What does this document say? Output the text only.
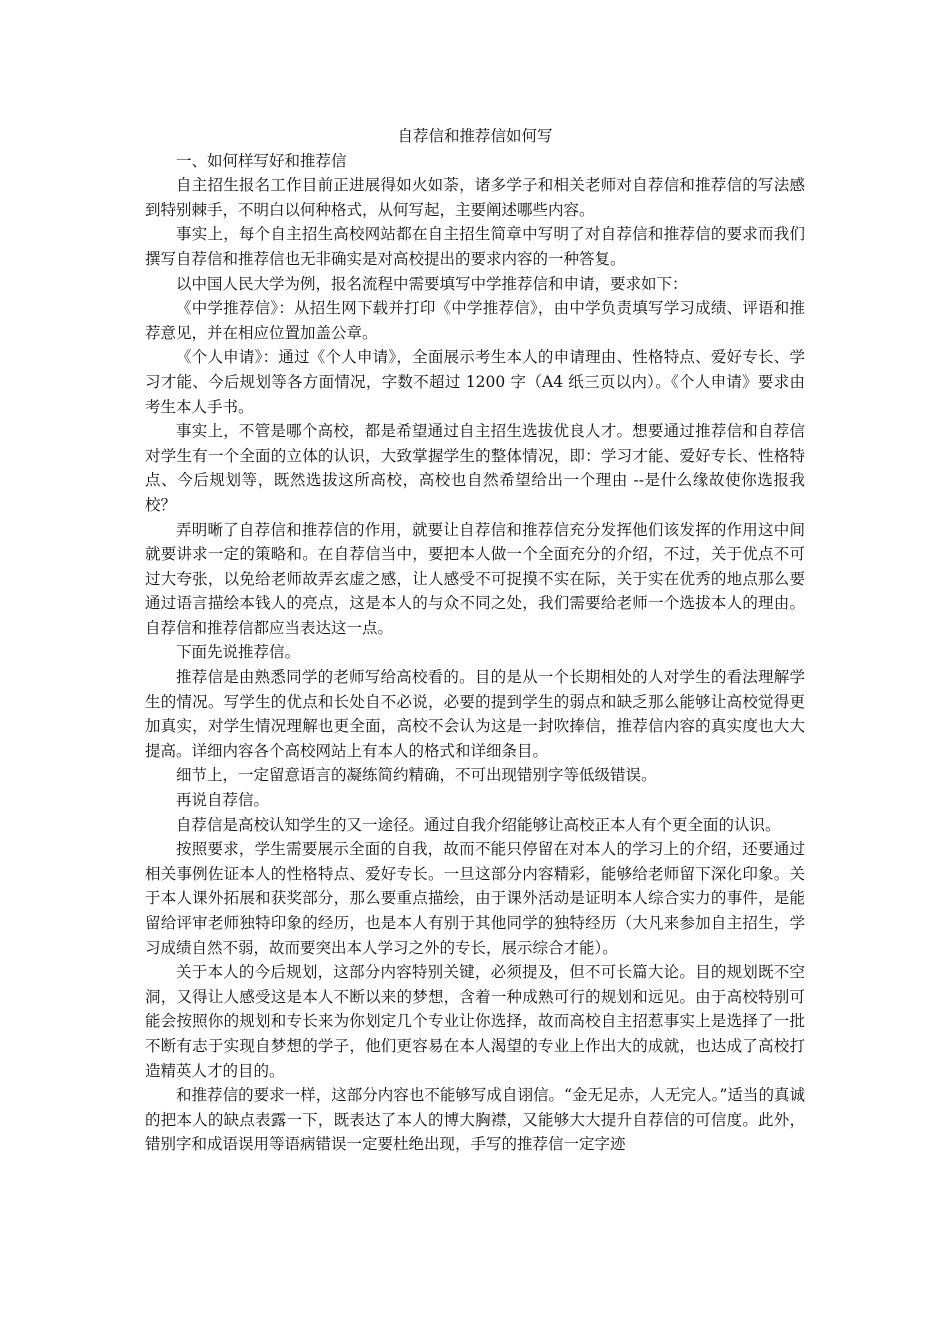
自荐信和推荐信如何写

一、如何样写好和推荐信

自主招生报名工作目前正进展得如火如荼，诸多学子和相关老师对自荐信和推荐信的写法感到特别棘手，不明白以何种格式，从何写起，主要阐述哪些内容。

事实上，每个自主招生高校网站都在自主招生简章中写明了对自荐信和推荐信的要求而我们撰写自荐信和推荐信也无非确实是对高校提出的要求内容的一种答复。

以中国人民大学为例，报名流程中需要填写中学推荐信和申请，要求如下：

《中学推荐信》：从招生网下载并打印《中学推荐信》，由中学负责填写学习成绩、评语和推荐意见，并在相应位置加盖公章。

《个人申请》：通过《个人申请》，全面展示考生本人的申请理由、性格特点、爱好专长、学习才能、今后规划等各方面情况，字数不超过 1200 字（A4 纸三页以内）。《个人申请》要求由考生本人手书。

事实上，不管是哪个高校，都是希望通过自主招生选拔优良人才。想要通过推荐信和自荐信对学生有一个全面的立体的认识，大致掌握学生的整体情况，即：学习才能、爱好专长、性格特点、今后规划等，既然选拔这所高校，高校也自然希望给出一个理由 --是什么缘故使你选报我校？

弄明晰了自荐信和推荐信的作用，就要让自荐信和推荐信充分发挥他们该发挥的作用这中间就要讲求一定的策略和。在自荐信当中，要把本人做一个全面充分的介绍，不过，关于优点不可过大夸张，以免给老师故弄玄虚之感，让人感受不可捉摸不实在际，关于实在优秀的地点那么要通过语言描绘本钱人的亮点，这是本人的与众不同之处，我们需要给老师一个选拔本人的理由。自荐信和推荐信都应当表达这一点。

下面先说推荐信。

推荐信是由熟悉同学的老师写给高校看的。目的是从一个长期相处的人对学生的看法理解学生的情况。写学生的优点和长处自不必说，必要的提到学生的弱点和缺乏那么能够让高校觉得更加真实，对学生情况理解也更全面，高校不会认为这是一封吹捧信，推荐信内容的真实度也大大提高。详细内容各个高校网站上有本人的格式和详细条目。

细节上，一定留意语言的凝练简约精确，不可出现错别字等低级错误。

再说自荐信。

自荐信是高校认知学生的又一途径。通过自我介绍能够让高校正本人有个更全面的认识。

按照要求，学生需要展示全面的自我，故而不能只停留在对本人的学习上的介绍，还要通过相关事例佐证本人的性格特点、爱好专长。一旦这部分内容精彩，能够给老师留下深化印象。关于本人课外拓展和获奖部分，那么要重点描绘，由于课外活动是证明本人综合实力的事件，是能留给评审老师独特印象的经历，也是本人有别于其他同学的独特经历（大凡来参加自主招生，学习成绩自然不弱，故而要突出本人学习之外的专长，展示综合才能）。

关于本人的今后规划，这部分内容特别关键，必须提及，但不可长篇大论。目的规划既不空洞，又得让人感受这是本人不断以来的梦想，含着一种成熟可行的规划和远见。由于高校特别可能会按照你的规划和专长来为你划定几个专业让你选择，故而高校自主招惹事实上是选择了一批不断有志于实现自梦想的学子，他们更容易在本人渴望的专业上作出大的成就，也达成了高校打造精英人才的目的。

和推荐信的要求一样，这部分内容也不能够写成自诩信。“金无足赤，人无完人。”适当的真诚的把本人的缺点表露一下，既表达了本人的博大胸襟，又能够大大提升自荐信的可信度。此外，错别字和成语误用等语病错误一定要杜绝出现，手写的推荐信一定字迹
